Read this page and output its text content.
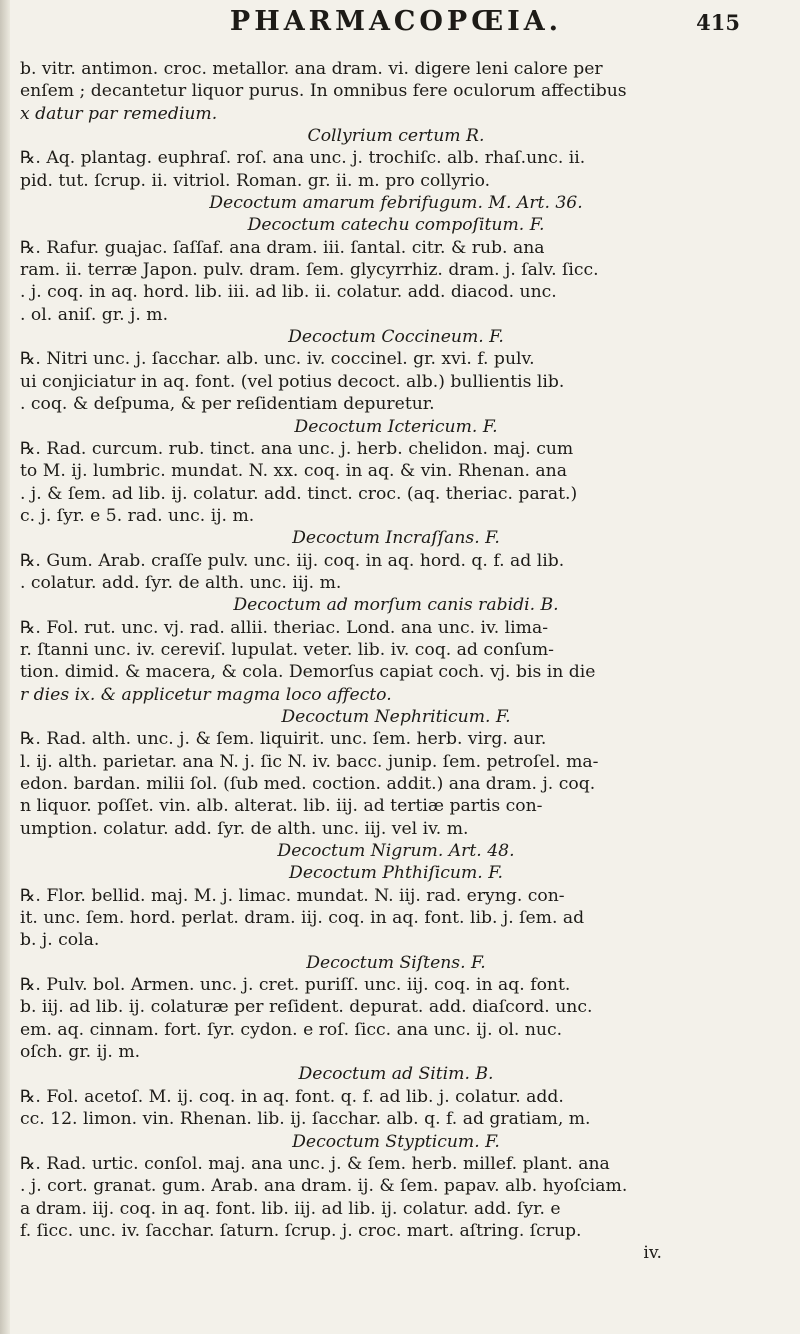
PHARMACOPŒIA.	415
b. vitr. antimon. croc. metallor. ana dram. vi. digere leni calore per
enſem ; decantetur liquor purus. In omnibus fere oculorum affectibus
x datur par remedium.
Collyrium certum R.
℞. Aq. plantag. euphraſ. roſ. ana unc. j. trochiſc. alb. rhaſ.unc. ii.
pid. tut. ſcrup. ii. vitriol. Roman. gr. ii. m. pro collyrio.
Decoctum amarum febrifugum. M. Art. 36.
Decoctum catechu compoſitum. F.
℞. Rafur. guajac. ſaſſaf. ana dram. iii. ſantal. citr. & rub. ana
ram. ii. terræ Japon. pulv. dram. ſem. glycyrrhiz. dram. j. ſalv. ſicc.
. j. coq. in aq. hord. lib. iii. ad lib. ii. colatur. add. diacod. unc.
. ol. aniſ. gr. j. m.
Decoctum Coccineum. F.
℞. Nitri unc. j. ſacchar. alb. unc. iv. coccinel. gr. xvi. f. pulv.
ui conjiciatur in aq. font. (vel potius decoct. alb.) bullientis lib.
. coq. & deſpuma, & per reſidentiam depuretur.
Decoctum Ictericum. F.
℞. Rad. curcum. rub. tinct. ana unc. j. herb. chelidon. maj. cum
to M. ij. lumbric. mundat. N. xx. coq. in aq. & vin. Rhenan. ana
. j. & ſem. ad lib. ij. colatur. add. tinct. croc. (aq. theriac. parat.)
c. j. ſyr. e 5. rad. unc. ij. m.
Decoctum Incraſſans. F.
℞. Gum. Arab. craſſe pulv. unc. iij. coq. in aq. hord. q. f. ad lib.
. colatur. add. ſyr. de alth. unc. iij. m.
Decoctum ad morſum canis rabidi. B.
℞. Fol. rut. unc. vj. rad. allii. theriac. Lond. ana unc. iv. lima-
r. ſtanni unc. iv. cereviſ. lupulat. veter. lib. iv. coq. ad conſum-
tion. dimid. & macera, & cola. Demorſus capiat coch. vj. bis in die
r dies ix. & applicetur magma loco affecto.
Decoctum Nephriticum. F.
℞. Rad. alth. unc. j. & ſem. liquirit. unc. ſem. herb. virg. aur.
l. ij. alth. parietar. ana N. j. ſic N. iv. bacc. junip. ſem. petroſel. ma-
edon. bardan. milii ſol. (ſub med. coction. addit.) ana dram. j. coq.
n liquor. poſſet. vin. alb. alterat. lib. iij. ad tertiæ partis con-
umption. colatur. add. ſyr. de alth. unc. iij. vel iv. m.
Decoctum Nigrum. Art. 48.
Decoctum Phthiſicum. F.
℞. Flor. bellid. maj. M. j. limac. mundat. N. iij. rad. eryng. con-
it. unc. ſem. hord. perlat. dram. iij. coq. in aq. font. lib. j. ſem. ad
b. j. cola.
Decoctum Siſtens. F.
℞. Pulv. bol. Armen. unc. j. cret. puriſſ. unc. iij. coq. in aq. font.
b. iij. ad lib. ij. colaturæ per reſident. depurat. add. diaſcord. unc.
em. aq. cinnam. fort. ſyr. cydon. e roſ. ſicc. ana unc. ij. ol. nuc.
oſch. gr. ij. m.
Decoctum ad Sitim. B.
℞. Fol. acetoſ. M. ij. coq. in aq. font. q. f. ad lib. j. colatur. add.
cc. 12. limon. vin. Rhenan. lib. ij. ſacchar. alb. q. f. ad gratiam, m.
Decoctum Stypticum. F.
℞. Rad. urtic. conſol. maj. ana unc. j. & ſem. herb. millef. plant. ana
. j. cort. granat. gum. Arab. ana dram. ij. & ſem. papav. alb. hyoſciam.
a dram. iij. coq. in aq. font. lib. iij. ad lib. ij. colatur. add. ſyr. e
f. ſicc. unc. iv. ſacchar. ſaturn. ſcrup. j. croc. mart. aſtring. ſcrup.
iv.
